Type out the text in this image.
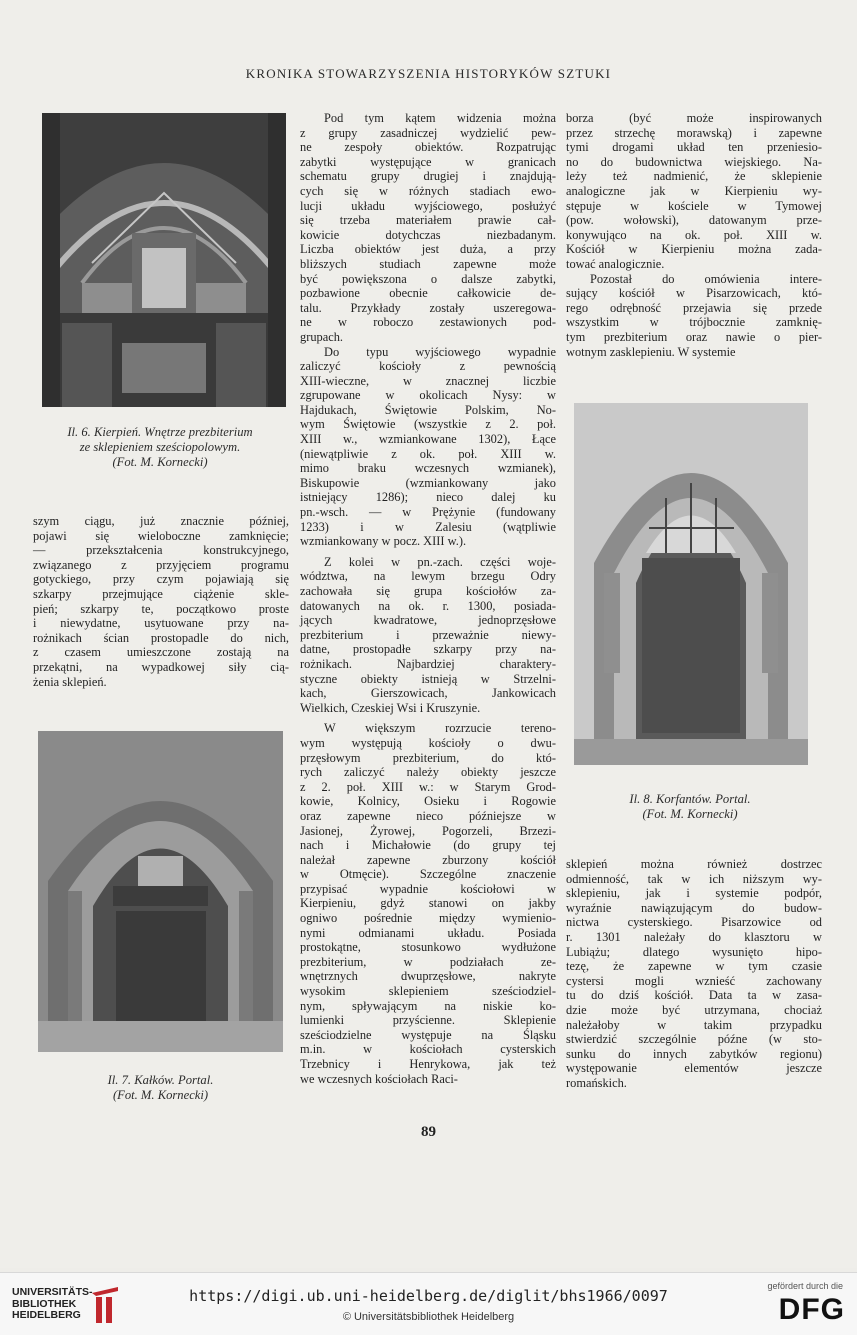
KRONIKA STOWARZYSZENIA HISTORYKÓW SZTUKI
Il. 6. Kierpień. Wnętrze prezbiterium
ze sklepieniem sześciopolowym.
(Fot. M. Kornecki)
szym ciągu, już znacznie później,
pojawi się wieloboczne zamknięcie;
— przekształcenia konstrukcyjnego,
związanego z przyjęciem programu
gotyckiego, przy czym pojawiają się
szkarpy przejmujące ciążenie skle-
pień; szkarpy te, początkowo proste
i niewydatne, usytuowane przy na-
rożnikach ścian prostopadle do nich,
z czasem umieszczone zostają na
przekątni, na wypadkowej siły cią-
żenia sklepień.
Il. 7. Kałków. Portal.
(Fot. M. Kornecki)
Pod tym kątem widzenia można
z grupy zasadniczej wydzielić pew-
ne zespoły obiektów. Rozpatrując
zabytki występujące w granicach
schematu grupy drugiej i znajdują-
cych się w różnych stadiach ewo-
lucji układu wyjściowego, posłużyć
się trzeba materiałem prawie cał-
kowicie dotychczas niezbadanym.
Liczba obiektów jest duża, a przy
bliższych studiach zapewne może
być powiększona o dalsze zabytki,
pozbawione obecnie całkowicie de-
talu. Przykłady zostały uszeregowa-
ne w roboczo zestawionych pod-
grupach.
Do typu wyjściowego wypadnie
zaliczyć kościoły z pewnością
XIII-wieczne, w znacznej liczbie
zgrupowane w okolicach Nysy: w
Hajdukach, Świętowie Polskim, No-
wym Świętowie (wszystkie z 2. poł.
XIII w., wzmiankowane 1302), Łące
(niewątpliwie z ok. poł. XIII w.
mimo braku wczesnych wzmianek),
Biskupowie (wzmiankowany jako
istniejący 1286); nieco dalej ku
pn.-wsch. — w Prężynie (fundowany
1233) i w Zalesiu (wątpliwie
wzmiankowany w pocz. XIII w.).
Z kolei w pn.-zach. części woje-
wództwa, na lewym brzegu Odry
zachowała się grupa kościołów za-
datowanych na ok. r. 1300, posiada-
jących kwadratowe, jednoprzęsłowe
prezbiterium i przeważnie niewy-
datne, prostopadłe szkarpy przy na-
rożnikach. Najbardziej charaktery-
styczne obiekty istnieją w Strzelni-
kach, Gierszowicach, Jankowicach
Wielkich, Czeskiej Wsi i Kruszynie.
W większym rozrzucie tereno-
wym występują kościoły o dwu-
przęsłowym prezbiterium, do któ-
rych zaliczyć należy obiekty jeszcze
z 2. poł. XIII w.: w Starym Grod-
kowie, Kolnicy, Osieku i Rogowie
oraz zapewne nieco późniejsze w
Jasionej, Żyrowej, Pogorzeli, Brzezi-
nach i Michałowie (do grupy tej
należał zapewne zburzony kościół
w Otmęcie). Szczególne znaczenie
przypisać wypadnie kościołowi w
Kierpieniu, gdyż stanowi on jakby
ogniwo pośrednie między wymienio-
nymi odmianami układu. Posiada
prostokątne, stosunkowo wydłużone
prezbiterium, w podziałach ze-
wnętrznych dwuprzęsłowe, nakryte
wysokim sklepieniem sześciodziel-
nym, spływającym na niskie ko-
lumienki przyścienne. Sklepienie
sześciodzielne występuje na Śląsku
m.in. w kościołach cysterskich
Trzebnicy i Henrykowa, jak też
we wczesnych kościołach Raci-
borza (być może inspirowanych
przez strzechę morawską) i zapewne
tymi drogami układ ten przeniesio-
no do budownictwa wiejskiego. Na-
leży też nadmienić, że sklepienie
analogiczne jak w Kierpieniu wy-
stępuje w kościele w Tymowej
(pow. wołowski), datowanym prze-
konywująco na ok. poł. XIII w.
Kościół w Kierpieniu można zada-
tować analogicznie.
Pozostał do omówienia intere-
sujący kościół w Pisarzowicach, któ-
rego odrębność przejawia się przede
wszystkim w trójbocznie zamknię-
tym prezbiterium oraz nawie o pier-
wotnym zasklepieniu. W systemie
Il. 8. Korfantów. Portal.
(Fot. M. Kornecki)
sklepień można również dostrzec
odmienność, tak w ich niższym wy-
sklepieniu, jak i systemie podpór,
wyraźnie nawiązującym do budow-
nictwa cysterskiego. Pisarzowice od
r. 1301 należały do klasztoru w
Lubiążu; dlatego wysunięto hipo-
tezę, że zapewne w tym czasie
cystersi mogli wznieść zachowany
tu do dziś kościół. Data ta w zasa-
dzie może być utrzymana, chociaż
należałoby w takim przypadku
stwierdzić szczególnie późne (w sto-
sunku do innych zabytków regionu)
występowanie elementów jeszcze
romańskich.
89
UNIVERSITÄTS-
BIBLIOTHEK
HEIDELBERG
https://digi.ub.uni-heidelberg.de/diglit/bhs1966/0097
© Universitätsbibliothek Heidelberg
gefördert durch die
DFG
